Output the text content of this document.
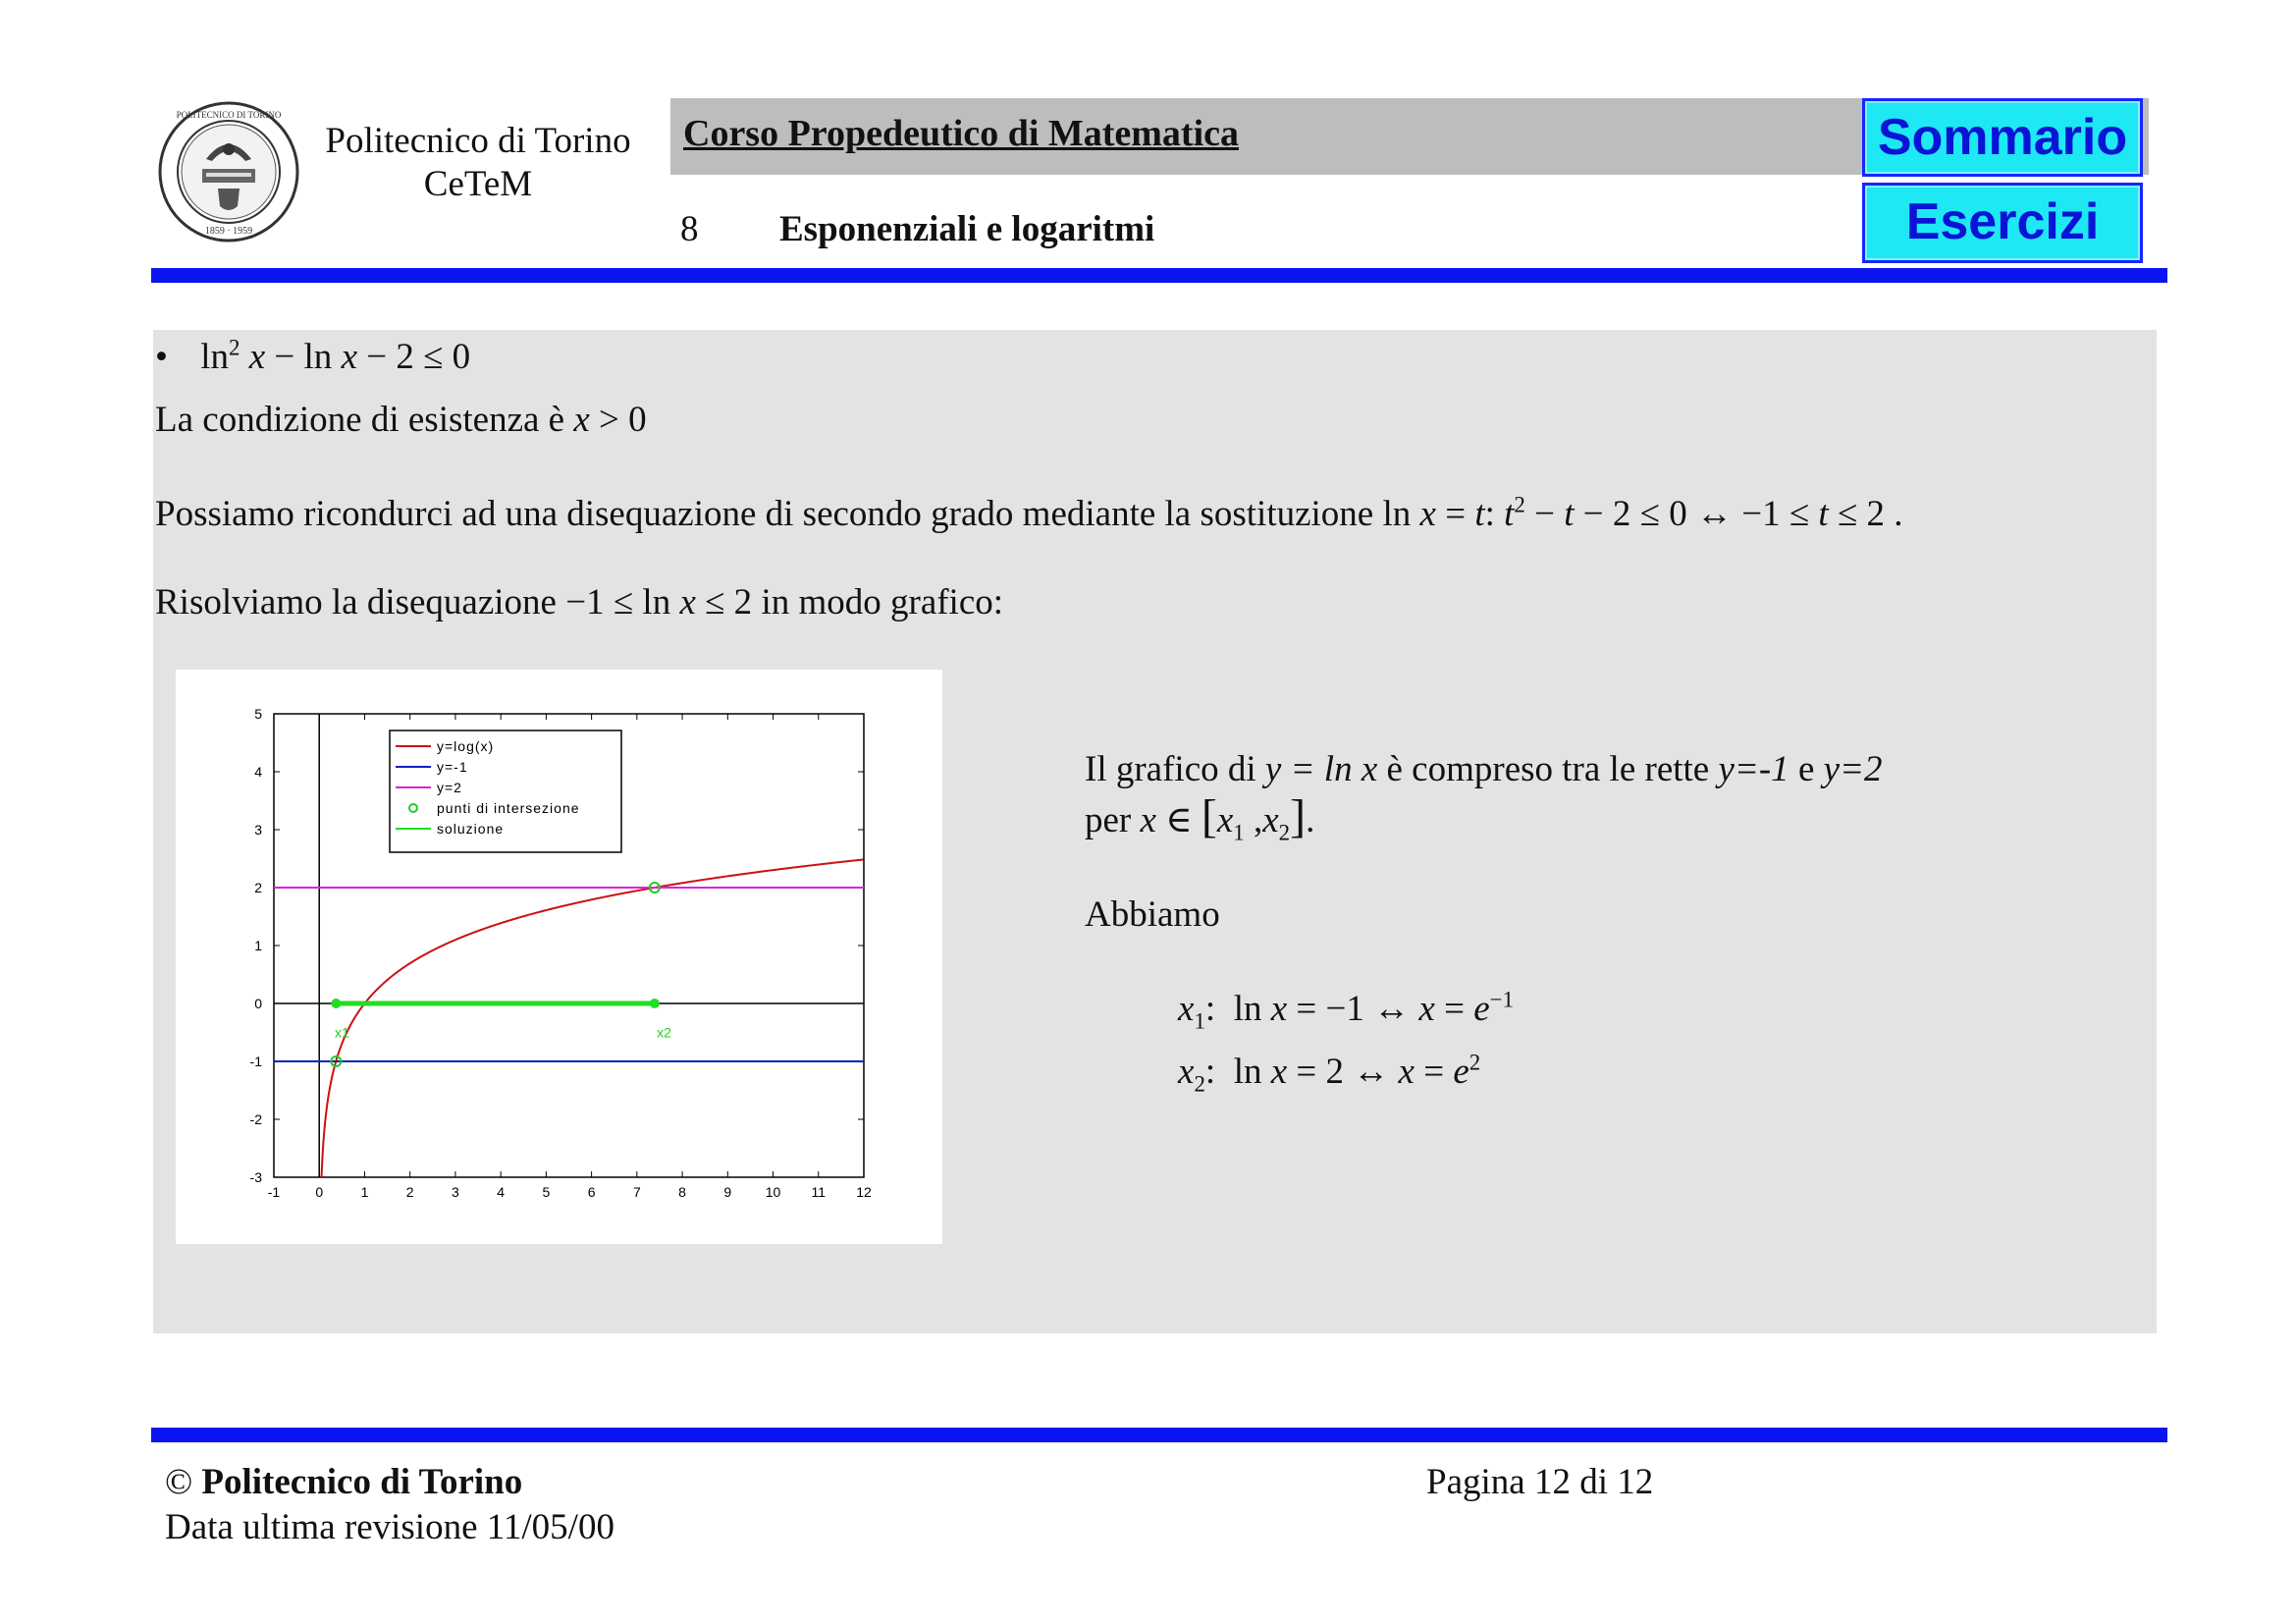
POLITECNICO DI TORINO
1859 · 1959
Politecnico di Torino
CeTeM
Corso Propedeutico di Matematica
8 Esponenziali e logaritmi
Sommario
Esercizi
• $\ln^2 x - \ln x - 2 \le 0$
La condizione di esistenza è x > 0
Possiamo ricondurci ad una disequazione di secondo grado mediante la sostituzione ln x = t: $t^2 - t - 2 \le 0$ ↔ −1 ≤ t ≤ 2 .
Risolviamo la disequazione −1 ≤ ln x ≤ 2 in modo grafico:
-1	0	1	2	3	4	5	6	7	8	9 10 11 12
5
4
3
2
1
0
-1
-2
-3
x1	x2
y=log(x)
y=-1
y=2
punti di intersezione
soluzione
Il grafico di y = ln x è compreso tra le rette y=-1 e y=2
per x ∈ [$x_1$ $,x_2$].
Abbiamo
$x_1$: ln x = −1 ↔ $x = e^{-1}$
$x_2$: ln x = 2 ↔ $x = e^2$
© Politecnico di Torino
Data ultima revisione 11/05/00
Pagina 12 di 12
